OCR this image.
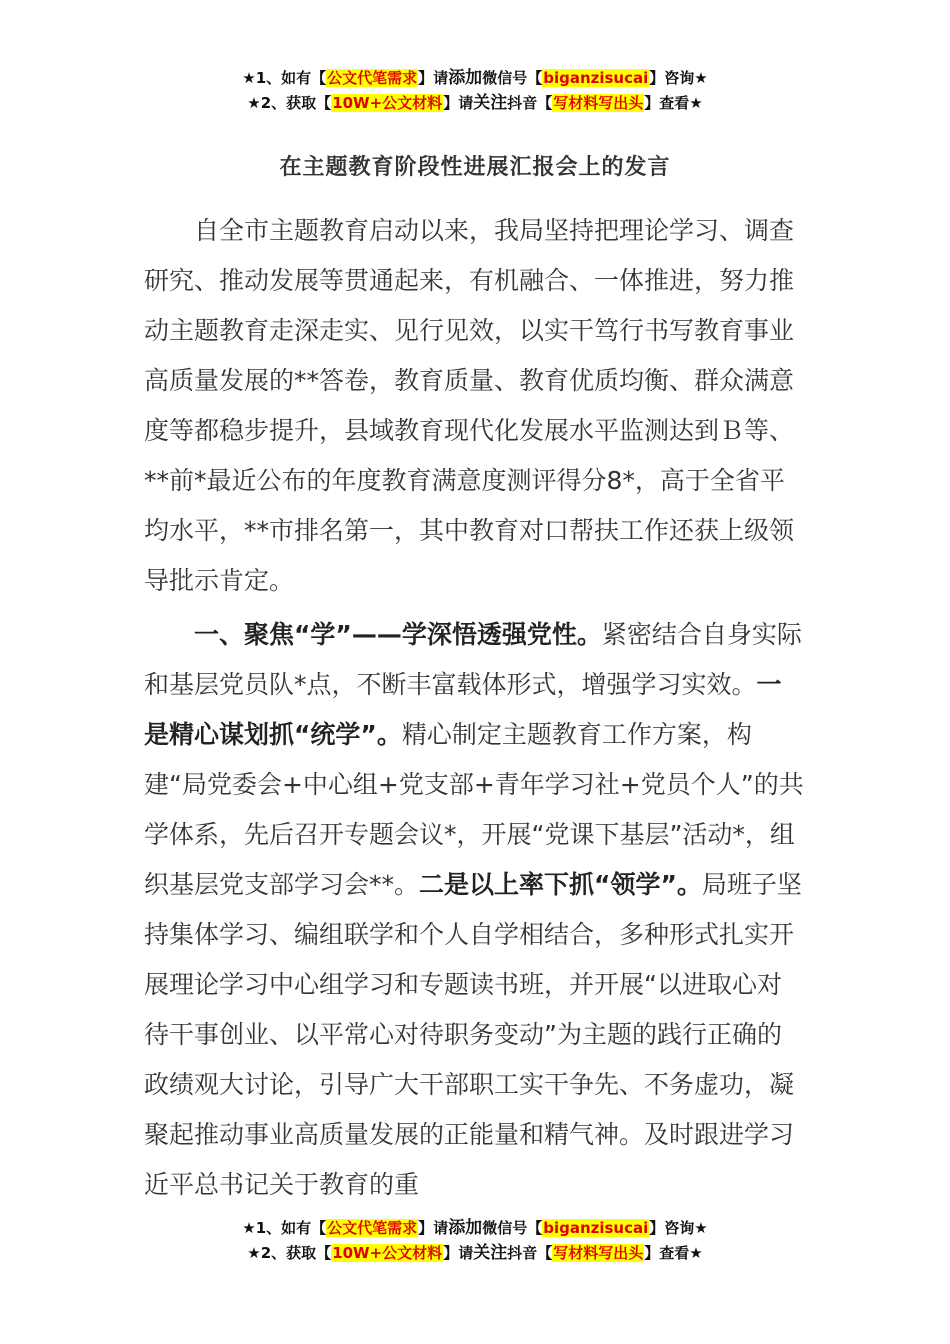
★1、如有【公文代笔需求】请添加微信号【biganzisucai】咨询★
★2、获取【10W+公文材料】请关注抖音【写材料写出头】查看★
在主题教育阶段性进展汇报会上的发言

自全市主题教育启动以来，我局坚持把理论学习、调查研究、推动发展等贯通起来，有机融合、一体推进，努力推动主题教育走深走实、见行见效，以实干笃行书写教育事业高质量发展的**答卷，教育质量、教育优质均衡、群众满意度等都稳步提升，县域教育现代化发展水平监测达到Ｂ等、**前*最近公布的年度教育满意度测评得分8*，高于全省平均水平，**市排名第一，其中教育对口帮扶工作还获上级领导批示肯定。

一、聚焦“学”——学深悟透强党性。紧密结合自身实际和基层党员队*点，不断丰富载体形式，增强学习实效。一是精心谋划抓“统学”。精心制定主题教育工作方案，构建“局党委会+中心组+党支部+青年学习社+党员个人”的共学体系，先后召开专题会议*，开展“党课下基层”活动*，组织基层党支部学习会**。二是以上率下抓“领学”。局班子坚持集体学习、编组联学和个人自学相结合，多种形式扎实开展理论学习中心组学习和专题读书班，并开展“以进取心对待干事创业、以平常心对待职务变动”为主题的践行正确的政绩观大讨论，引导广大干部职工实干争先、不务虚功，凝聚起推动事业高质量发展的正能量和精气神。及时跟进学习近平总书记关于教育的重

★1、如有【公文代笔需求】请添加微信号【biganzisucai】咨询★
★2、获取【10W+公文材料】请关注抖音【写材料写出头】查看★
